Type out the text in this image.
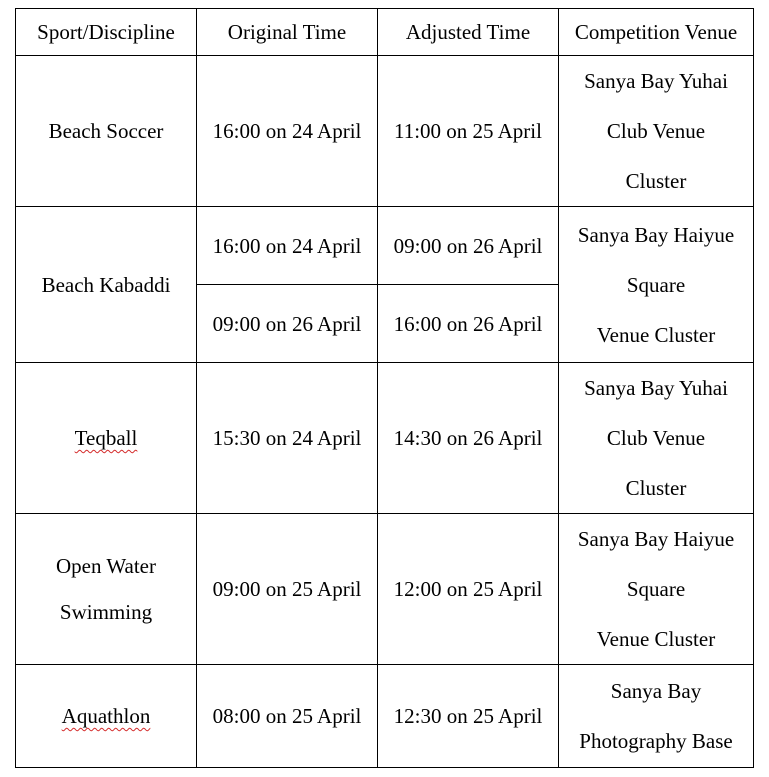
Sport/Discipline	Original Time	Adjusted Time	Competition Venue
Beach Soccer	16:00 on 24 April	11:00 on 25 April	Sanya Bay Yuhai
Club Venue
Cluster

Beach Kabaddi	16:00 on 24 April	09:00 on 26 April	Sanya Bay Haiyue
Square
Venue Cluster

	09:00 on 26 April	16:00 on 26 April	
Teqball	15:30 on 24 April	14:30 on 26 April	Sanya Bay Yuhai
Club Venue
Cluster

Open Water
Swimming	09:00 on 25 April	12:00 on 25 April	Sanya Bay Haiyue
Square
Venue Cluster

Aquathlon	08:00 on 25 April	12:30 on 25 April	Sanya Bay
Photography Base
